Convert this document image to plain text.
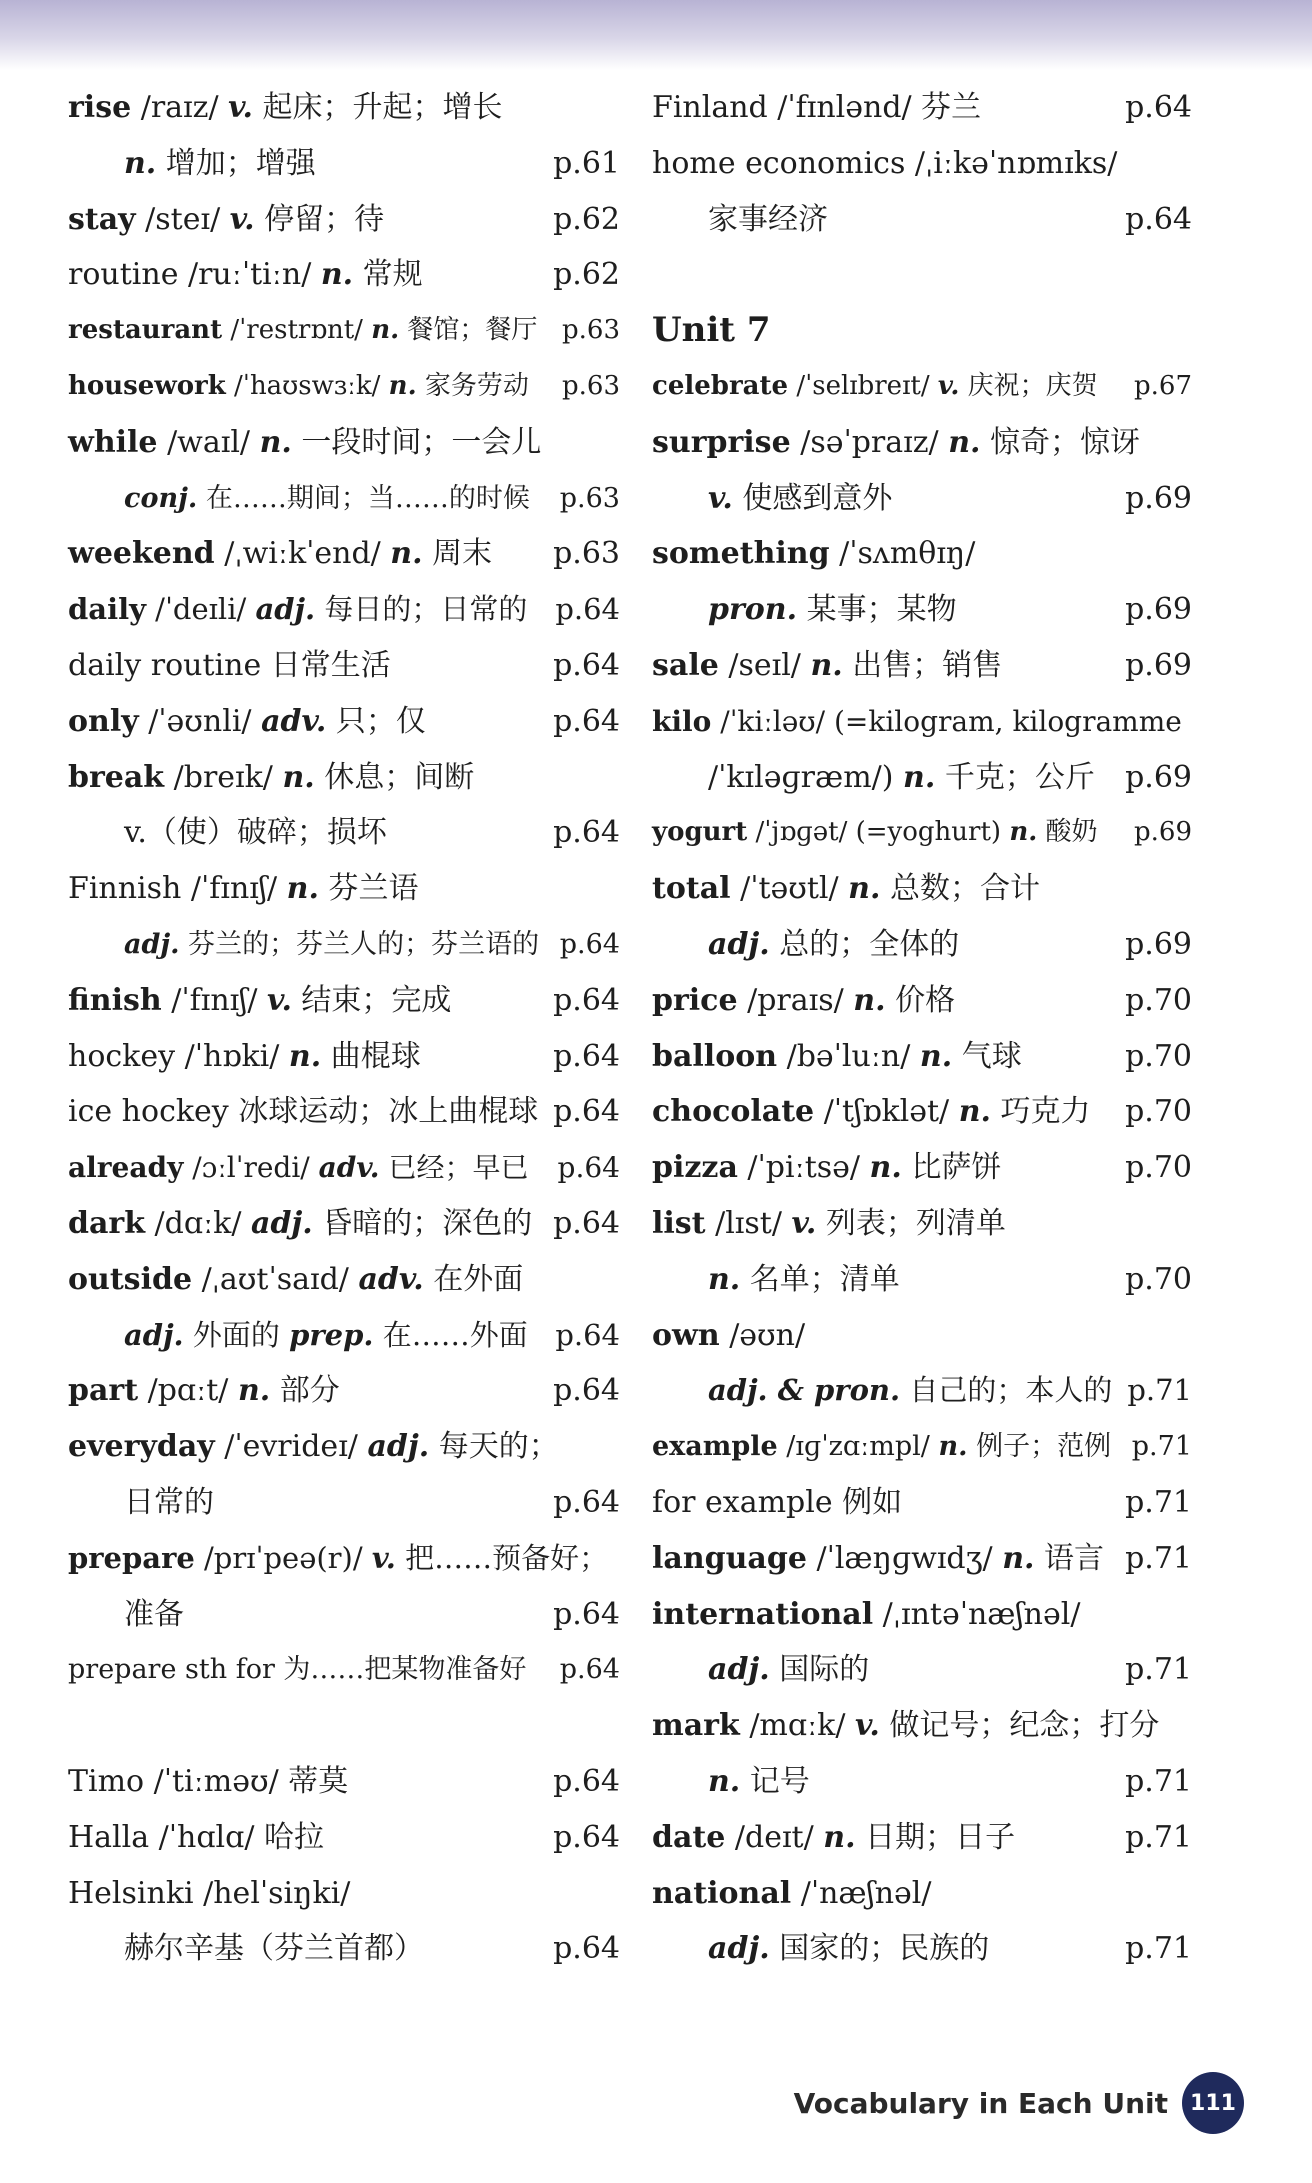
rise /raɪz/ v. 起床；升起；增长
n. 增加；增强	p.61
stay /steɪ/ v. 停留；待	p.62
routine /ruːˈtiːn/ n. 常规	p.62
restaurant /ˈrestrɒnt/ n. 餐馆；餐厅 p.63
housework /ˈhaʊswɜːk/ n. 家务劳动 p.63
while /waɪl/ n. 一段时间；一会儿
conj. 在……期间；当……的时候 p.63
weekend /ˌwiːkˈend/ n. 周末 p.63
daily /ˈdeɪli/ adj. 每日的；日常的 p.64
daily routine 日常生活	p.64
only /ˈəʊnli/ adv. 只；仅	p.64
break /breɪk/ n. 休息；间断
v.（使）破碎；损坏	p.64
Finnish /ˈfɪnɪʃ/ n. 芬兰语
adj. 芬兰的；芬兰人的；芬兰语的 p.64
finish /ˈfɪnɪʃ/ v. 结束；完成	p.64
hockey /ˈhɒki/ n. 曲棍球	p.64
ice hockey 冰球运动；冰上曲棍球 p.64
already /ɔːlˈredi/ adv. 已经；早已 p.64
dark /dɑːk/ adj. 昏暗的；深色的 p.64
outside /ˌaʊtˈsaɪd/ adv. 在外面
adj. 外面的 prep. 在……外面 p.64
part /pɑːt/ n. 部分	p.64
everyday /ˈevrideɪ/ adj. 每天的；
日常的	p.64
prepare /prɪˈpeə(r)/ v. 把……预备好；
准备	p.64
prepare sth for 为……把某物准备好 p.64
Timo /ˈtiːməʊ/ 蒂莫	p.64
Halla /ˈhɑlɑ/ 哈拉	p.64
Helsinki /helˈsiŋki/
赫尔辛基（芬兰首都）	p.64
Finland /ˈfɪnlənd/ 芬兰	p.64
home economics /ˌiːkəˈnɒmɪks/
家事经济	p.64
Unit 7
celebrate /ˈselɪbreɪt/ v. 庆祝；庆贺 p.67
surprise /səˈpraɪz/ n. 惊奇；惊讶
v. 使感到意外	p.69
something /ˈsʌmθɪŋ/
pron. 某事；某物	p.69
sale /seɪl/ n. 出售；销售	p.69
kilo /ˈkiːləʊ/ (=kilogram, kilogramme
/ˈkɪləɡræm/) n. 千克；公斤 p.69
yogurt /ˈjɒɡət/ (=yoghurt) n. 酸奶 p.69
total /ˈtəʊtl/ n. 总数；合计
adj. 总的；全体的	p.69
price /praɪs/ n. 价格	p.70
balloon /bəˈluːn/ n. 气球	p.70
chocolate /ˈtʃɒklət/ n. 巧克力 p.70
pizza /ˈpiːtsə/ n. 比萨饼	p.70
list /lɪst/ v. 列表；列清单
n. 名单；清单	p.70
own /əʊn/
adj. & pron. 自己的；本人的 p.71
example /ɪɡˈzɑːmpl/ n. 例子；范例 p.71
for example 例如	p.71
language /ˈlæŋɡwɪdʒ/ n. 语言 p.71
international /ˌɪntəˈnæʃnəl/
adj. 国际的	p.71
mark /mɑːk/ v. 做记号；纪念；打分
n. 记号	p.71
date /deɪt/ n. 日期；日子	p.71
national /ˈnæʃnəl/
adj. 国家的；民族的	p.71
Vocabulary in Each Unit	111
